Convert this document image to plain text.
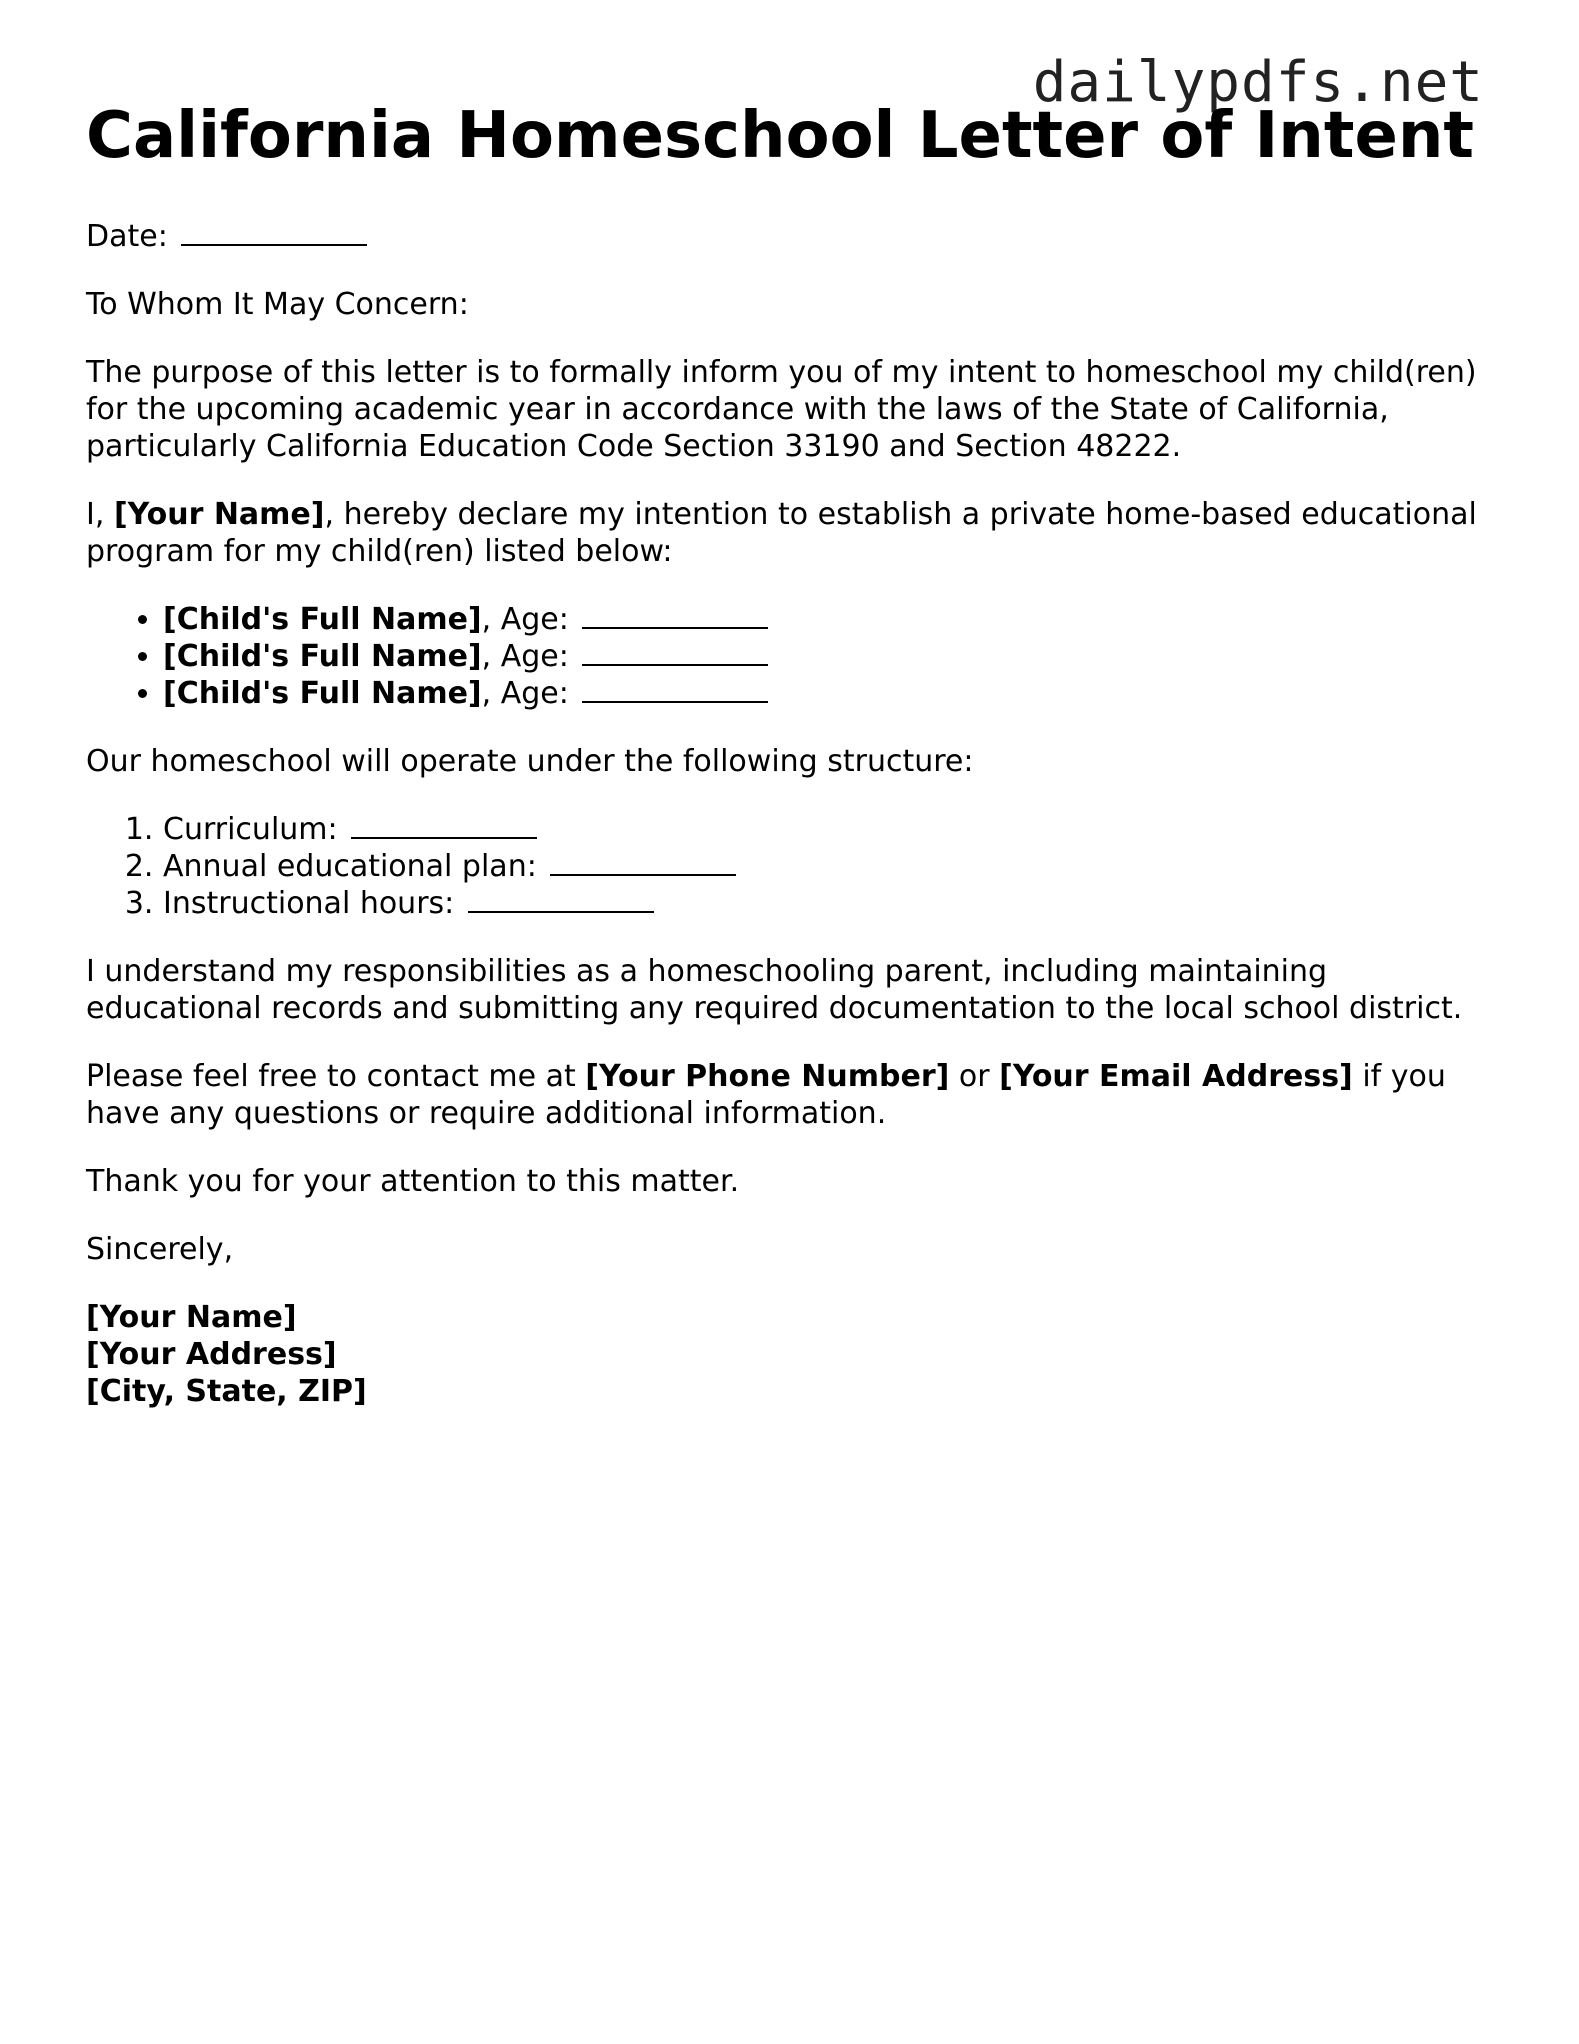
dailypdfs.net
California Homeschool Letter of Intent

Date:

To Whom It May Concern:

The purpose of this letter is to formally inform you of my intent to homeschool my child(ren) for the upcoming academic year in accordance with the laws of the State of California, particularly California Education Code Section 33190 and Section 48222.

I, [Your Name], hereby declare my intention to establish a private home-based educational program for my child(ren) listed below:

• [Child's Full Name], Age:
• [Child's Full Name], Age:
• [Child's Full Name], Age:

Our homeschool will operate under the following structure:

1. Curriculum:
2. Annual educational plan:
3. Instructional hours:

I understand my responsibilities as a homeschooling parent, including maintaining educational records and submitting any required documentation to the local school district.

Please feel free to contact me at [Your Phone Number] or [Your Email Address] if you have any questions or require additional information.

Thank you for your attention to this matter.

Sincerely,

[Your Name]

[Your Address]

[City, State, ZIP]
